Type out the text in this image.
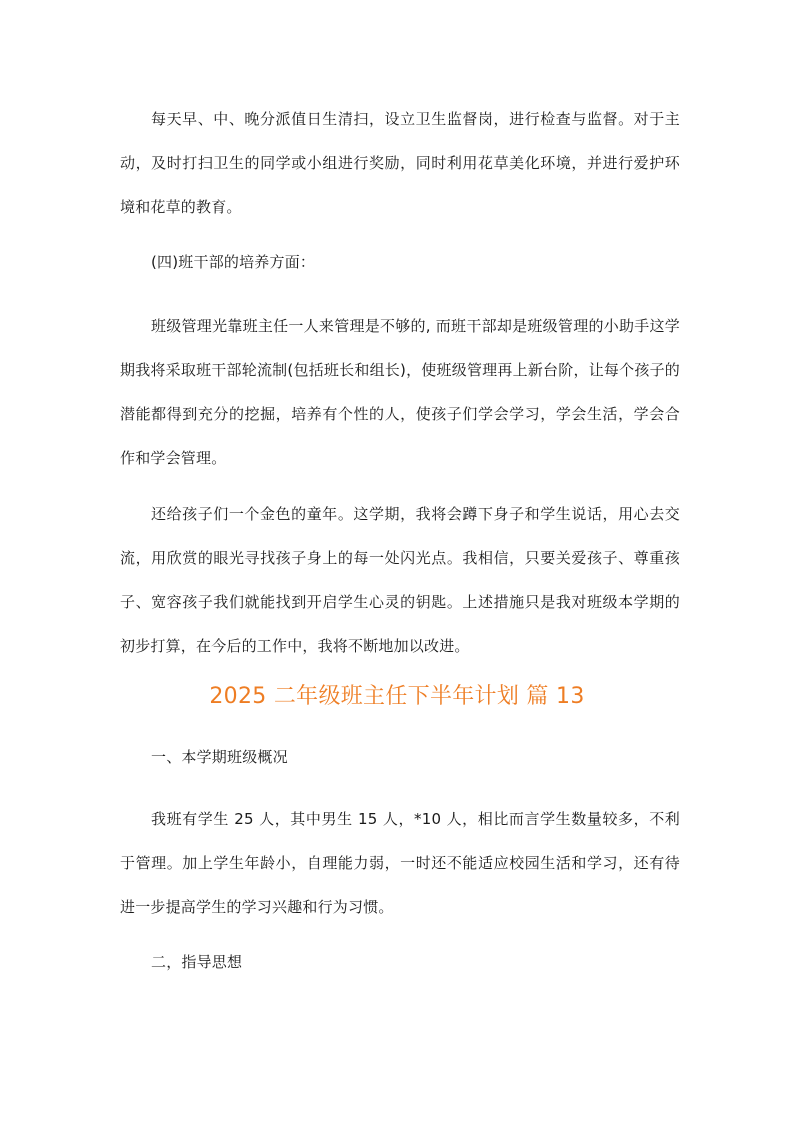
每天早、中、晚分派值日生清扫，设立卫生监督岗，进行检查与监督。对于主动，及时打扫卫生的同学或小组进行奖励，同时利用花草美化环境，并进行爱护环境和花草的教育。

(四)班干部的培养方面：

班级管理光靠班主任一人来管理是不够的, 而班干部却是班级管理的小助手这学期我将采取班干部轮流制(包括班长和组长)，使班级管理再上新台阶，让每个孩子的潜能都得到充分的挖掘，培养有个性的人，使孩子们学会学习，学会生活，学会合作和学会管理。

还给孩子们一个金色的童年。这学期，我将会蹲下身子和学生说话，用心去交流，用欣赏的眼光寻找孩子身上的每一处闪光点。我相信，只要关爱孩子、尊重孩子、宽容孩子我们就能找到开启学生心灵的钥匙。上述措施只是我对班级本学期的初步打算，在今后的工作中，我将不断地加以改进。

2025 二年级班主任下半年计划 篇 13

一、本学期班级概况

我班有学生 25 人，其中男生 15 人，*10 人，相比而言学生数量较多，不利于管理。加上学生年龄小，自理能力弱，一时还不能适应校园生活和学习，还有待进一步提高学生的学习兴趣和行为习惯。

二，指导思想
